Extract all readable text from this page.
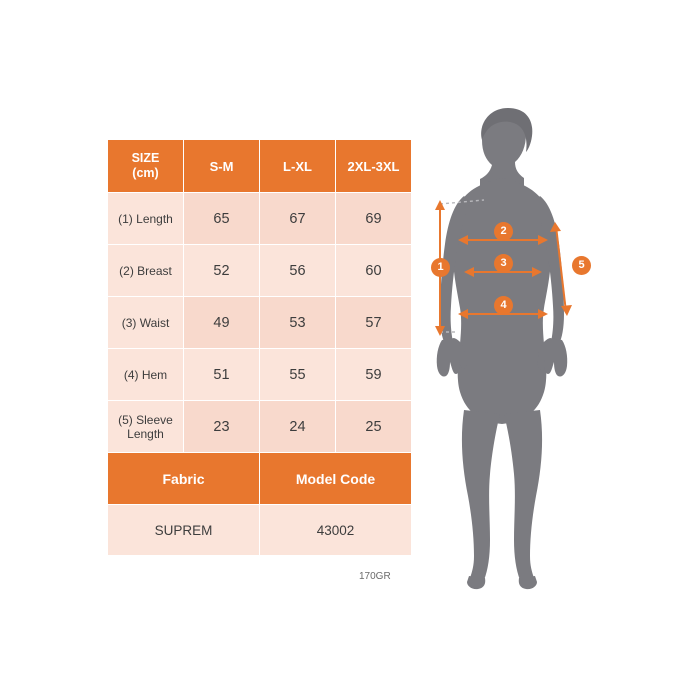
SIZE
(cm)	S-M	L-XL	2XL-3XL
(1) Length	65	67	69
(2) Breast	52	56	60
(3) Waist	49	53	57
(4) Hem	51	55	59
(5) Sleeve Length	23	24	25
Fabric		Model Code	
SUPREM		43002	
170GR
1
2
3
4
5
